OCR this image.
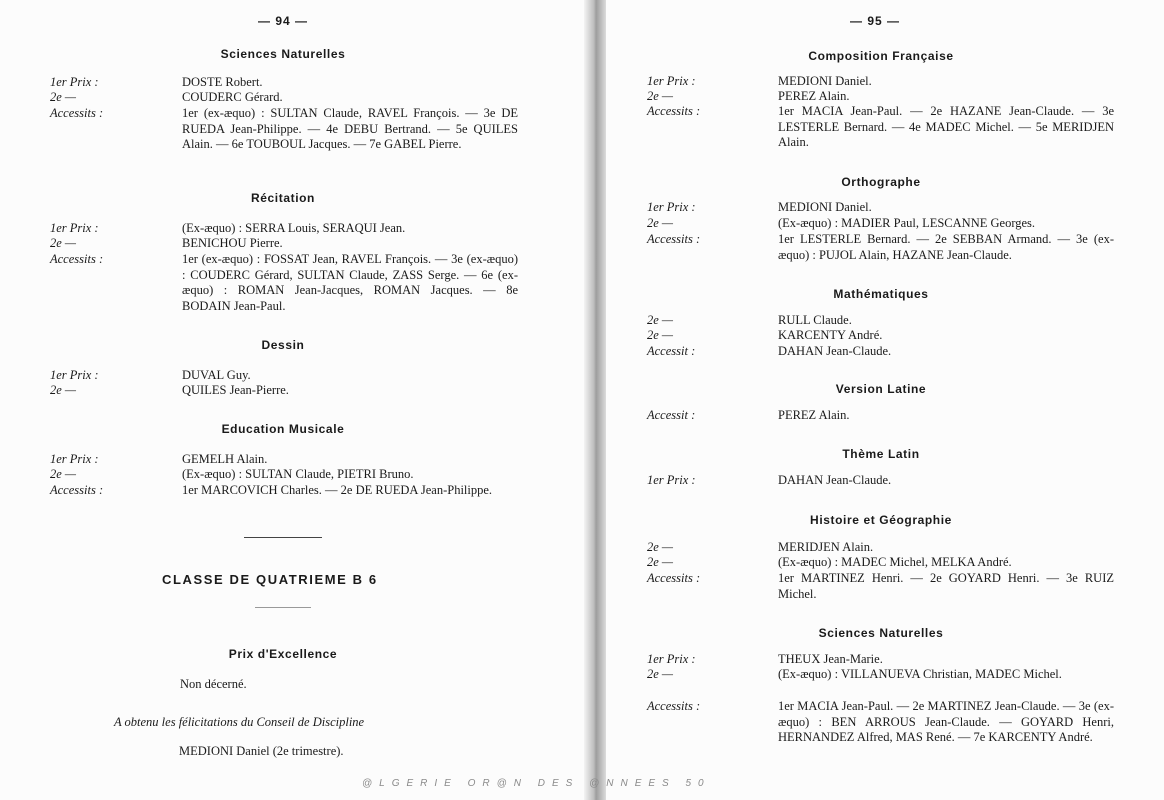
— 94 —
Sciences Naturelles
1er Prix :	DOSTE Robert.
2e —	COUDERC Gérard.
Accessits :	1er (ex-æquo) : SULTAN Claude, RAVEL François. — 3e DE RUEDA Jean-Philippe. — 4e DEBU Bertrand. — 5e QUILES Alain. — 6e TOUBOUL Jacques. — 7e GABEL Pierre.
Récitation
1er Prix :	(Ex-æquo) : SERRA Louis, SERAQUI Jean.
2e —	BENICHOU Pierre.
Accessits :	1er (ex-æquo) : FOSSAT Jean, RAVEL François. — 3e (ex-æquo) : COUDERC Gérard, SULTAN Claude, ZASS Serge. — 6e (ex-æquo) : ROMAN Jean-Jacques, ROMAN Jacques. — 8e BODAIN Jean-Paul.
Dessin
1er Prix :	DUVAL Guy.
2e —	QUILES Jean-Pierre.
Education Musicale
1er Prix :	GEMELH Alain.
2e —	(Ex-æquo) : SULTAN Claude, PIETRI Bruno.
Accessits :	1er MARCOVICH Charles. — 2e DE RUEDA Jean-Philippe.
CLASSE DE QUATRIEME B 6
Prix d'Excellence
Non décerné.
A obtenu les félicitations du Conseil de Discipline
MEDIONI Daniel (2e trimestre).
— 95 —
Composition Française
1er Prix :	MEDIONI Daniel.
2e —	PEREZ Alain.
Accessits :	1er MACIA Jean-Paul. — 2e HAZANE Jean-Claude. — 3e LESTERLE Bernard. — 4e MADEC Michel. — 5e MERIDJEN Alain.
Orthographe
1er Prix :	MEDIONI Daniel.
2e —	(Ex-æquo) : MADIER Paul, LESCANNE Georges.
Accessits :	1er LESTERLE Bernard. — 2e SEBBAN Armand. — 3e (ex-æquo) : PUJOL Alain, HAZANE Jean-Claude.
Mathématiques
2e —	RULL Claude.
2e —	KARCENTY André.
Accessit :	DAHAN Jean-Claude.
Version Latine
Accessit :	PEREZ Alain.
Thème Latin
1er Prix :	DAHAN Jean-Claude.
Histoire et Géographie
2e —	MERIDJEN Alain.
2e —	(Ex-æquo) : MADEC Michel, MELKA André.
Accessits :	1er MARTINEZ Henri. — 2e GOYARD Henri. — 3e RUIZ Michel.
Sciences Naturelles
1er Prix :	THEUX Jean-Marie.
2e —	(Ex-æquo) : VILLANUEVA Christian, MADEC Michel.
Accessits :	1er MACIA Jean-Paul. — 2e MARTINEZ Jean-Claude. — 3e (ex-æquo) : BEN ARROUS Jean-Claude. — GOYARD Henri, HERNANDEZ Alfred, MAS René. — 7e KARCENTY André.
@LGERIE OR@N DES @NNEES 50
